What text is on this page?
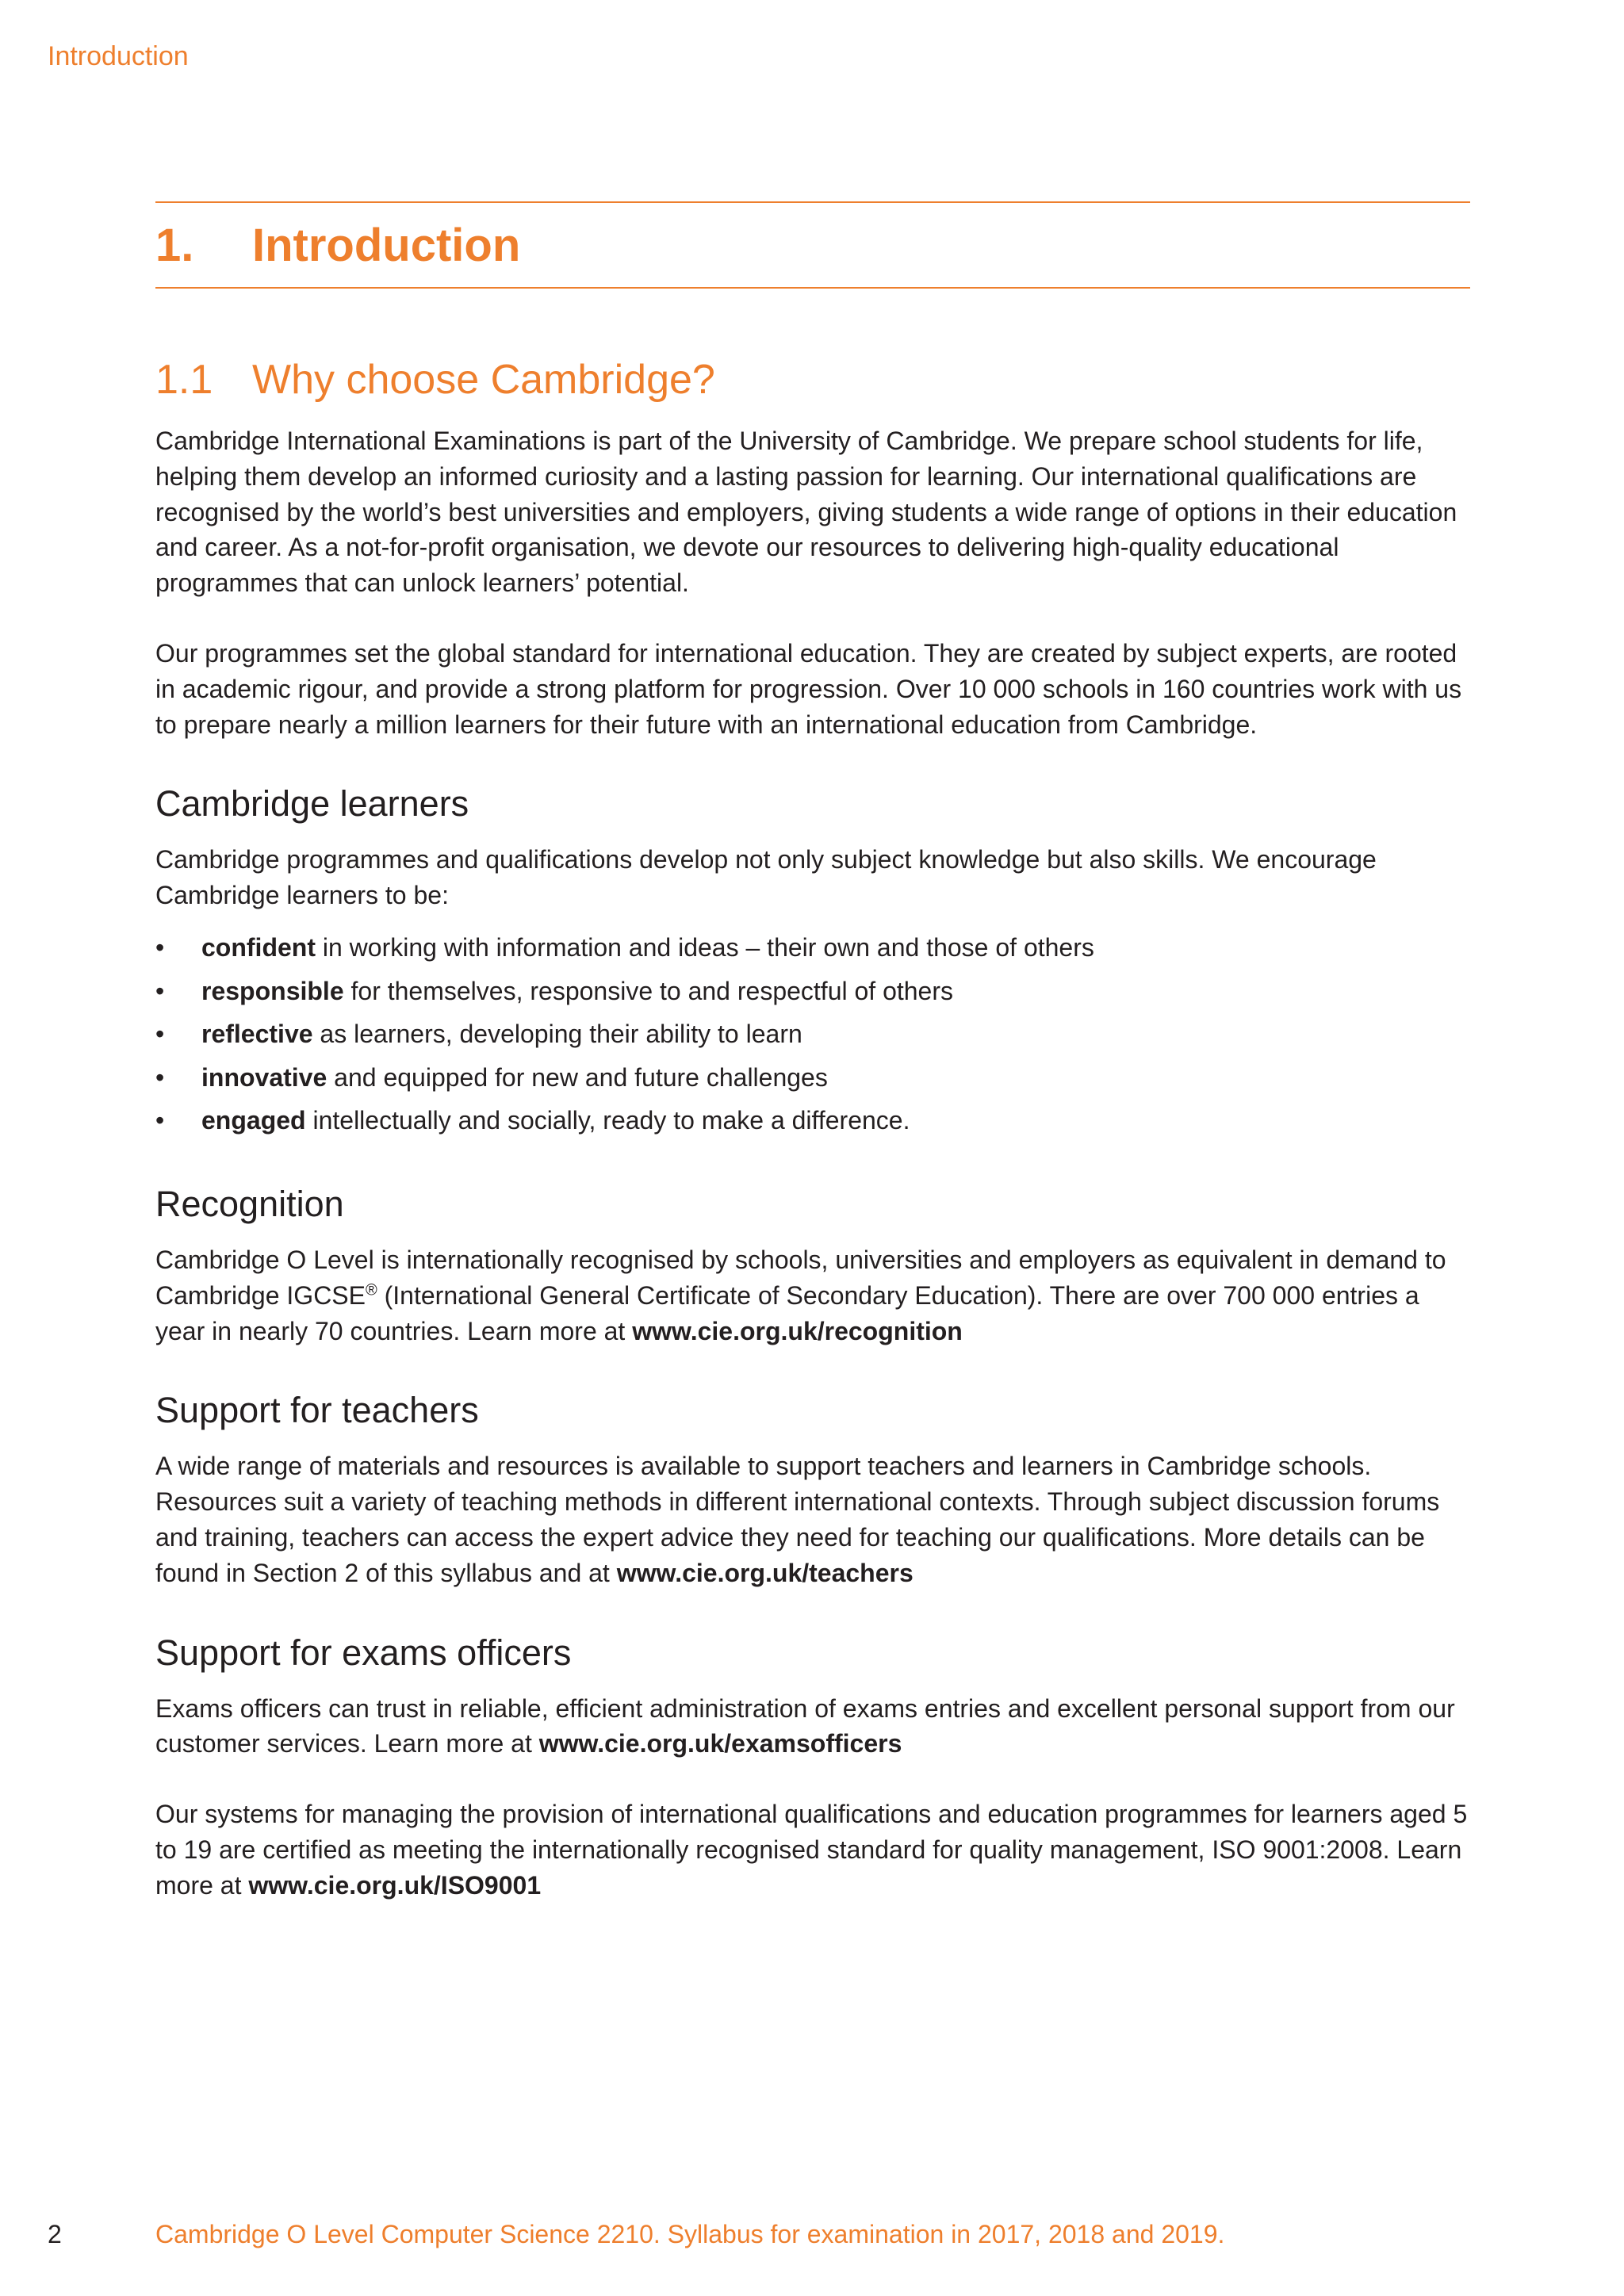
Introduction
1.	Introduction
1.1 Why choose Cambridge?

Cambridge International Examinations is part of the University of Cambridge. We prepare school students for life, helping them develop an informed curiosity and a lasting passion for learning. Our international qualifications are recognised by the world’s best universities and employers, giving students a wide range of options in their education and career. As a not-for-profit organisation, we devote our resources to delivering high-quality educational programmes that can unlock learners’ potential.

Our programmes set the global standard for international education. They are created by subject experts, are rooted in academic rigour, and provide a strong platform for progression. Over 10 000 schools in 160 countries work with us to prepare nearly a million learners for their future with an international education from Cambridge.

Cambridge learners

Cambridge programmes and qualifications develop not only subject knowledge but also skills. We encourage Cambridge learners to be:

•	confident in working with information and ideas – their own and those of others
•	responsible for themselves, responsive to and respectful of others
•	reflective as learners, developing their ability to learn
•	innovative and equipped for new and future challenges
•	engaged intellectually and socially, ready to make a difference.
Recognition

Cambridge O Level is internationally recognised by schools, universities and employers as equivalent in demand to Cambridge IGCSE® (International General Certificate of Secondary Education). There are over 700 000 entries a year in nearly 70 countries. Learn more at www.cie.org.uk/recognition

Support for teachers

A wide range of materials and resources is available to support teachers and learners in Cambridge schools. Resources suit a variety of teaching methods in different international contexts. Through subject discussion forums and training, teachers can access the expert advice they need for teaching our qualifications. More details can be found in Section 2 of this syllabus and at www.cie.org.uk/teachers

Support for exams officers

Exams officers can trust in reliable, efficient administration of exams entries and excellent personal support from our customer services. Learn more at www.cie.org.uk/examsofficers

Our systems for managing the provision of international qualifications and education programmes for learners aged 5 to 19 are certified as meeting the internationally recognised standard for quality management, ISO 9001:2008. Learn more at www.cie.org.uk/ISO9001

2	Cambridge O Level Computer Science 2210. Syllabus for examination in 2017, 2018 and 2019.
